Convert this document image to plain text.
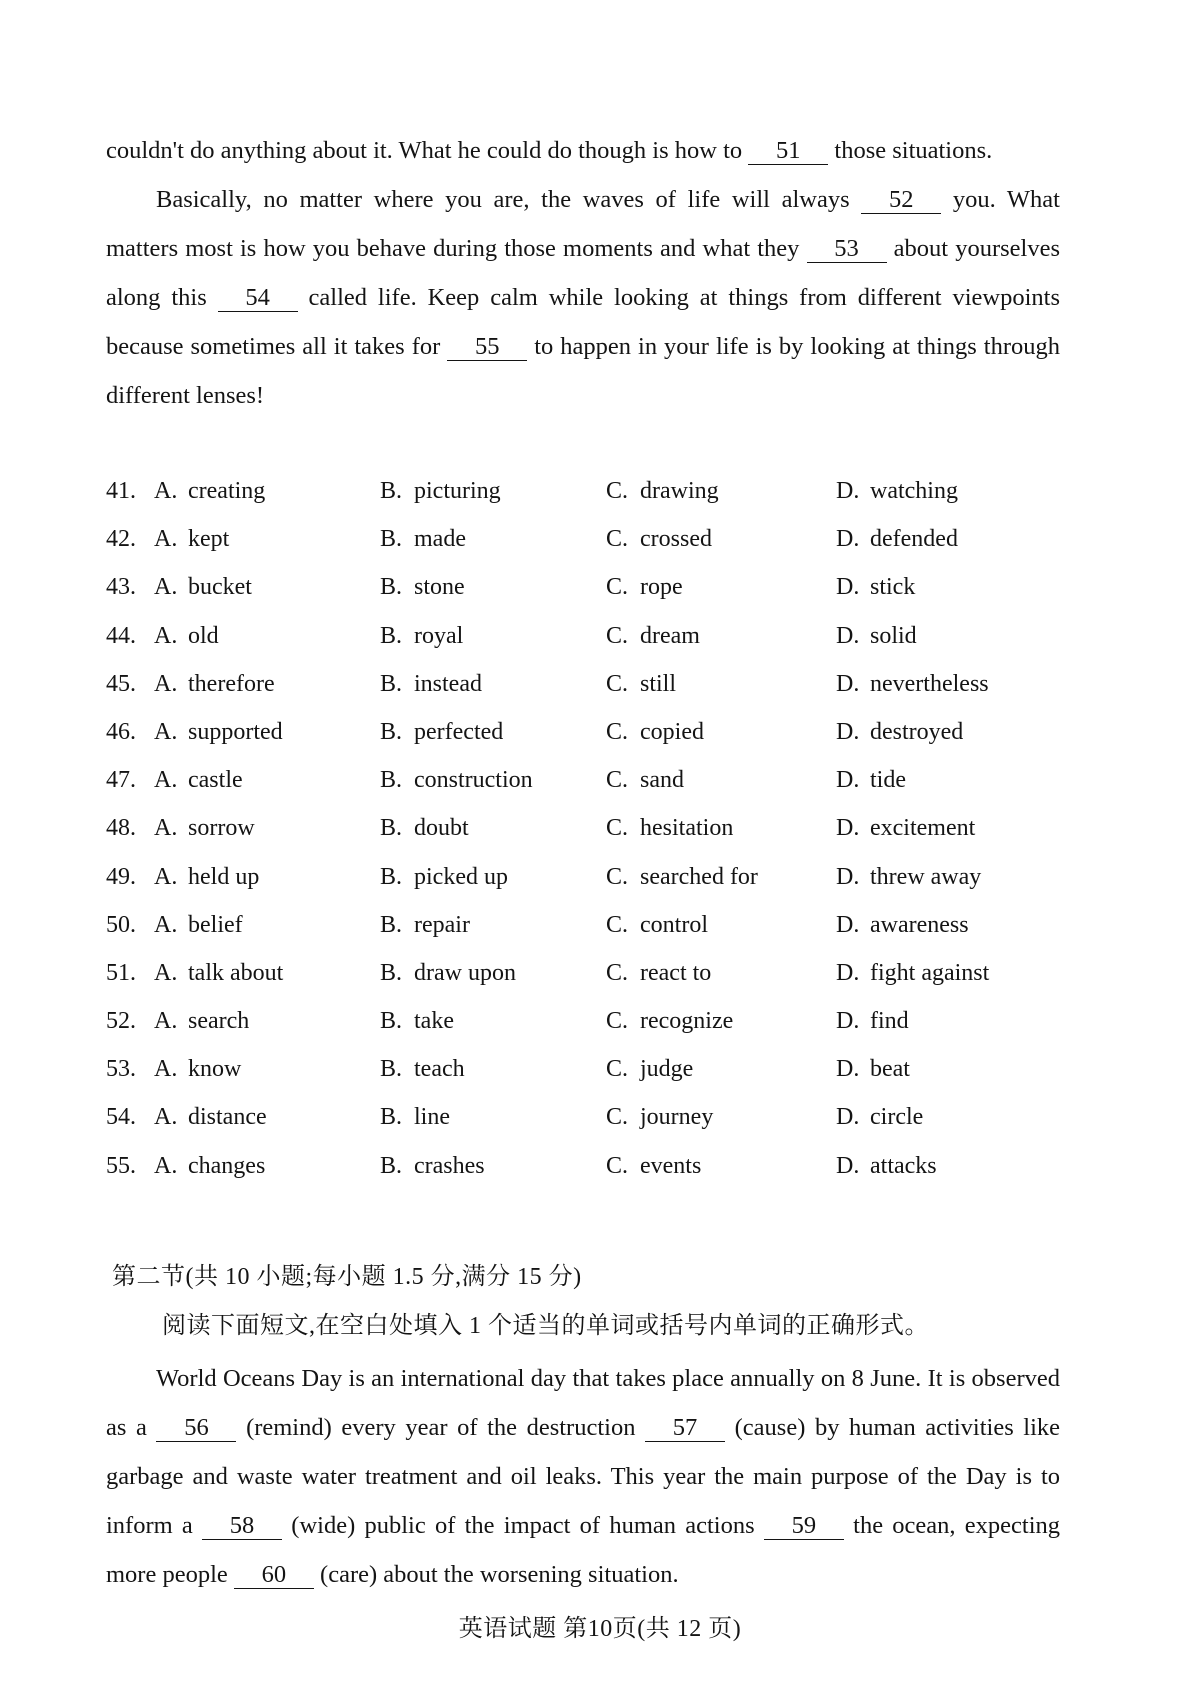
couldn't do anything about it. What he could do though is how to 51 those situations.
Basically, no matter where you are, the waves of life will always 52 you. What matters most is how you behave during those moments and what they 53 about yourselves along this 54 called life. Keep calm while looking at things from different viewpoints because sometimes all it takes for 55 to happen in your life is by looking at things through different lenses!
41. A. creating	B. picturing	C. drawing	D. watching
42. A. kept	B. made	C. crossed	D. defended
43. A. bucket	B. stone	C. rope	D. stick
44. A. old	B. royal	C. dream	D. solid
45. A. therefore	B. instead	C. still	D. nevertheless
46. A. supported	B. perfected	C. copied	D. destroyed
47. A. castle	B. construction	C. sand	D. tide
48. A. sorrow	B. doubt	C. hesitation	D. excitement
49. A. held up	B. picked up	C. searched for	D. threw away
50. A. belief	B. repair	C. control	D. awareness
51. A. talk about	B. draw upon	C. react to	D. fight against
52. A. search	B. take	C. recognize	D. find
53. A. know	B. teach	C. judge	D. beat
54. A. distance	B. line	C. journey	D. circle
55. A. changes	B. crashes	C. events	D. attacks
第二节(共 10 小题;每小题 1.5 分,满分 15 分)
阅读下面短文,在空白处填入 1 个适当的单词或括号内单词的正确形式。
World Oceans Day is an international day that takes place annually on 8 June. It is observed as a 56 (remind) every year of the destruction 57 (cause) by human activities like garbage and waste water treatment and oil leaks. This year the main purpose of the Day is to inform a 58 (wide) public of the impact of human actions 59 the ocean, expecting more people 60 (care) about the worsening situation.
英语试题 第10页(共 12 页)
